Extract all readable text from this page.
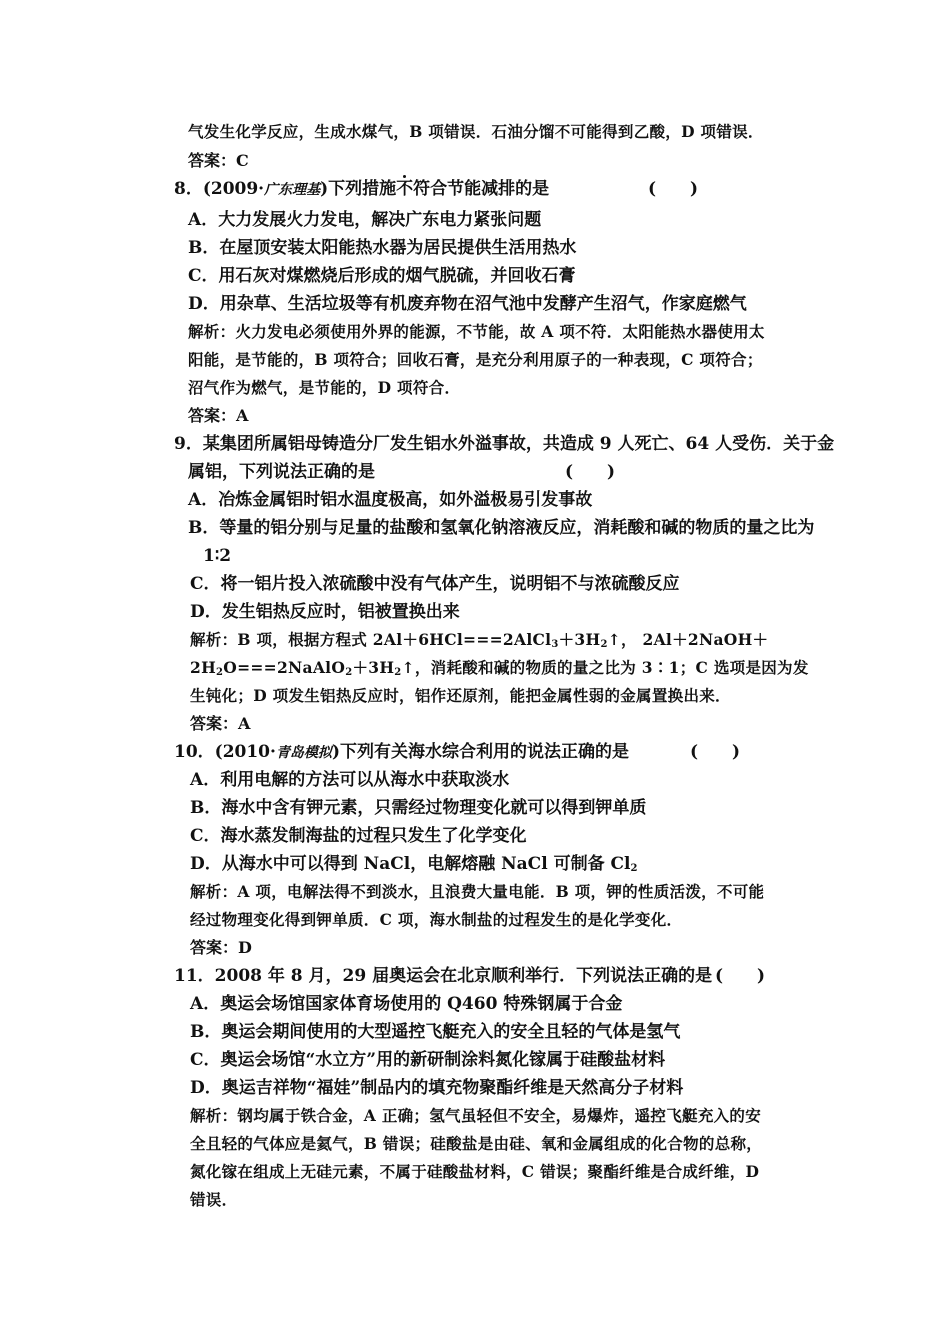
气发生化学反应，生成水煤气，B 项错误．石油分馏不可能得到乙酸，D 项错误．
答案：C
8．(2009·广东理基)下列措施不符合节能减排的是	(　　)
A．大力发展火力发电，解决广东电力紧张问题
B．在屋顶安装太阳能热水器为居民提供生活用热水
C．用石灰对煤燃烧后形成的烟气脱硫，并回收石膏
D．用杂草、生活垃圾等有机废弃物在沼气池中发酵产生沼气，作家庭燃气
解析：火力发电必须使用外界的能源，不节能，故 A 项不符．太阳能热水器使用太
阳能，是节能的，B 项符合；回收石膏，是充分利用原子的一种表现，C 项符合；
沼气作为燃气，是节能的，D 项符合．
答案：A
9．某集团所属铝母铸造分厂发生铝水外溢事故，共造成 9 人死亡、64 人受伤．关于金
属铝，下列说法正确的是	(　　)
A．冶炼金属铝时铝水温度极高，如外溢极易引发事故
B．等量的铝分别与足量的盐酸和氢氧化钠溶液反应，消耗酸和碱的物质的量之比为
1∶2
C．将一铝片投入浓硫酸中没有气体产生，说明铝不与浓硫酸反应
D．发生铝热反应时，铝被置换出来
解析：B 项，根据方程式 $2Al+6HCl===2AlCl_3+3H_2↑$， 2Al＋2NaOH＋
$2H_2O===2NaAlO_2+3H_2↑$，消耗酸和碱的物质的量之比为 3∶1；C 选项是因为发
生钝化；D 项发生铝热反应时，铝作还原剂，能把金属性弱的金属置换出来．
答案：A
10．(2010·青岛模拟)下列有关海水综合利用的说法正确的是	(　　)
A．利用电解的方法可以从海水中获取淡水
B．海水中含有钾元素，只需经过物理变化就可以得到钾单质
C．海水蒸发制海盐的过程只发生了化学变化
D．从海水中可以得到 NaCl，电解熔融 NaCl 可制备 $Cl_2$
解析：A 项，电解法得不到淡水，且浪费大量电能．B 项，钾的性质活泼，不可能
经过物理变化得到钾单质．C 项，海水制盐的过程发生的是化学变化．
答案：D
11．2008 年 8 月，29 届奥运会在北京顺利举行．下列说法正确的是 (　　)
A．奥运会场馆国家体育场使用的 Q460 特殊钢属于合金
B．奥运会期间使用的大型遥控飞艇充入的安全且轻的气体是氢气
C．奥运会场馆“水立方”用的新研制涂料氮化镓属于硅酸盐材料
D．奥运吉祥物“福娃”制品内的填充物聚酯纤维是天然高分子材料
解析：钢均属于铁合金，A 正确；氢气虽轻但不安全，易爆炸，遥控飞艇充入的安
全且轻的气体应是氦气，B 错误；硅酸盐是由硅、氧和金属组成的化合物的总称，
氮化镓在组成上无硅元素，不属于硅酸盐材料，C 错误；聚酯纤维是合成纤维，D
错误．
